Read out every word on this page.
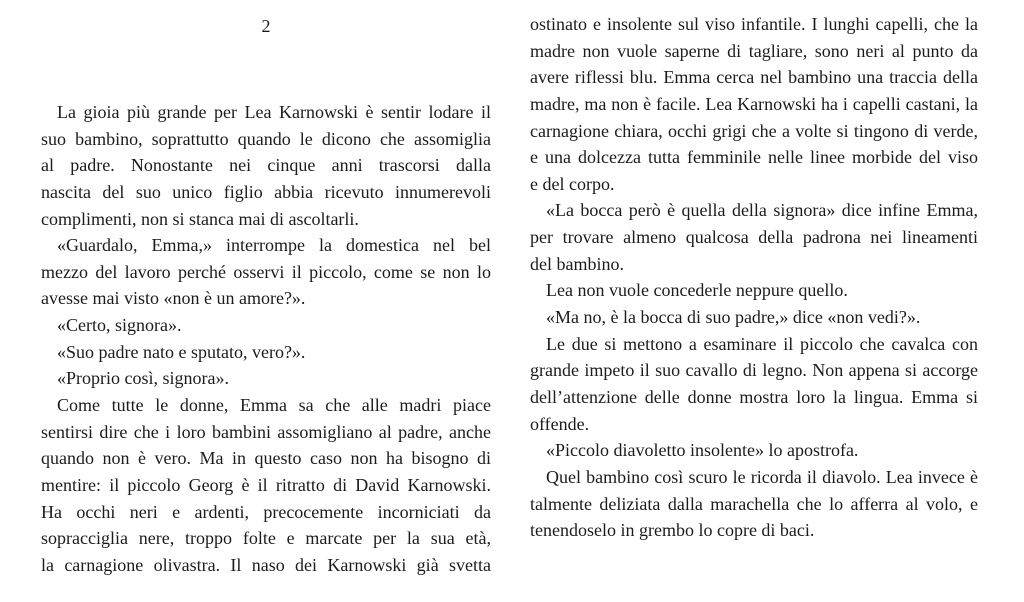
2
La gioia più grande per Lea Karnowski è sentir lodare il
suo bambino, soprattutto quando le dicono che assomiglia
al padre. Nonostante nei cinque anni trascorsi dalla
nascita del suo unico figlio abbia ricevuto innumerevoli
complimenti, non si stanca mai di ascoltarli.
«Guardalo, Emma,» interrompe la domestica nel bel
mezzo del lavoro perché osservi il piccolo, come se non lo
avesse mai visto «non è un amore?».
«Certo, signora».
«Suo padre nato e sputato, vero?».
«Proprio così, signora».
Come tutte le donne, Emma sa che alle madri piace
sentirsi dire che i loro bambini assomigliano al padre, anche
quando non è vero. Ma in questo caso non ha bisogno di
mentire: il piccolo Georg è il ritratto di David Karnowski.
Ha occhi neri e ardenti, precocemente incorniciati da
sopracciglia nere, troppo folte e marcate per la sua età,
la carnagione olivastra. Il naso dei Karnowski già svetta
ostinato e insolente sul viso infantile. I lunghi capelli, che la
madre non vuole saperne di tagliare, sono neri al punto da
avere riflessi blu. Emma cerca nel bambino una traccia della
madre, ma non è facile. Lea Karnowski ha i capelli castani, la
carnagione chiara, occhi grigi che a volte si tingono di verde,
e una dolcezza tutta femminile nelle linee morbide del viso
e del corpo.
«La bocca però è quella della signora» dice infine Emma,
per trovare almeno qualcosa della padrona nei lineamenti
del bambino.
Lea non vuole concederle neppure quello.
«Ma no, è la bocca di suo padre,» dice «non vedi?».
Le due si mettono a esaminare il piccolo che cavalca con
grande impeto il suo cavallo di legno. Non appena si accorge
dell’attenzione delle donne mostra loro la lingua. Emma si
offende.
«Piccolo diavoletto insolente» lo apostrofa.
Quel bambino così scuro le ricorda il diavolo. Lea invece è
talmente deliziata dalla marachella che lo afferra al volo, e
tenendoselo in grembo lo copre di baci.
